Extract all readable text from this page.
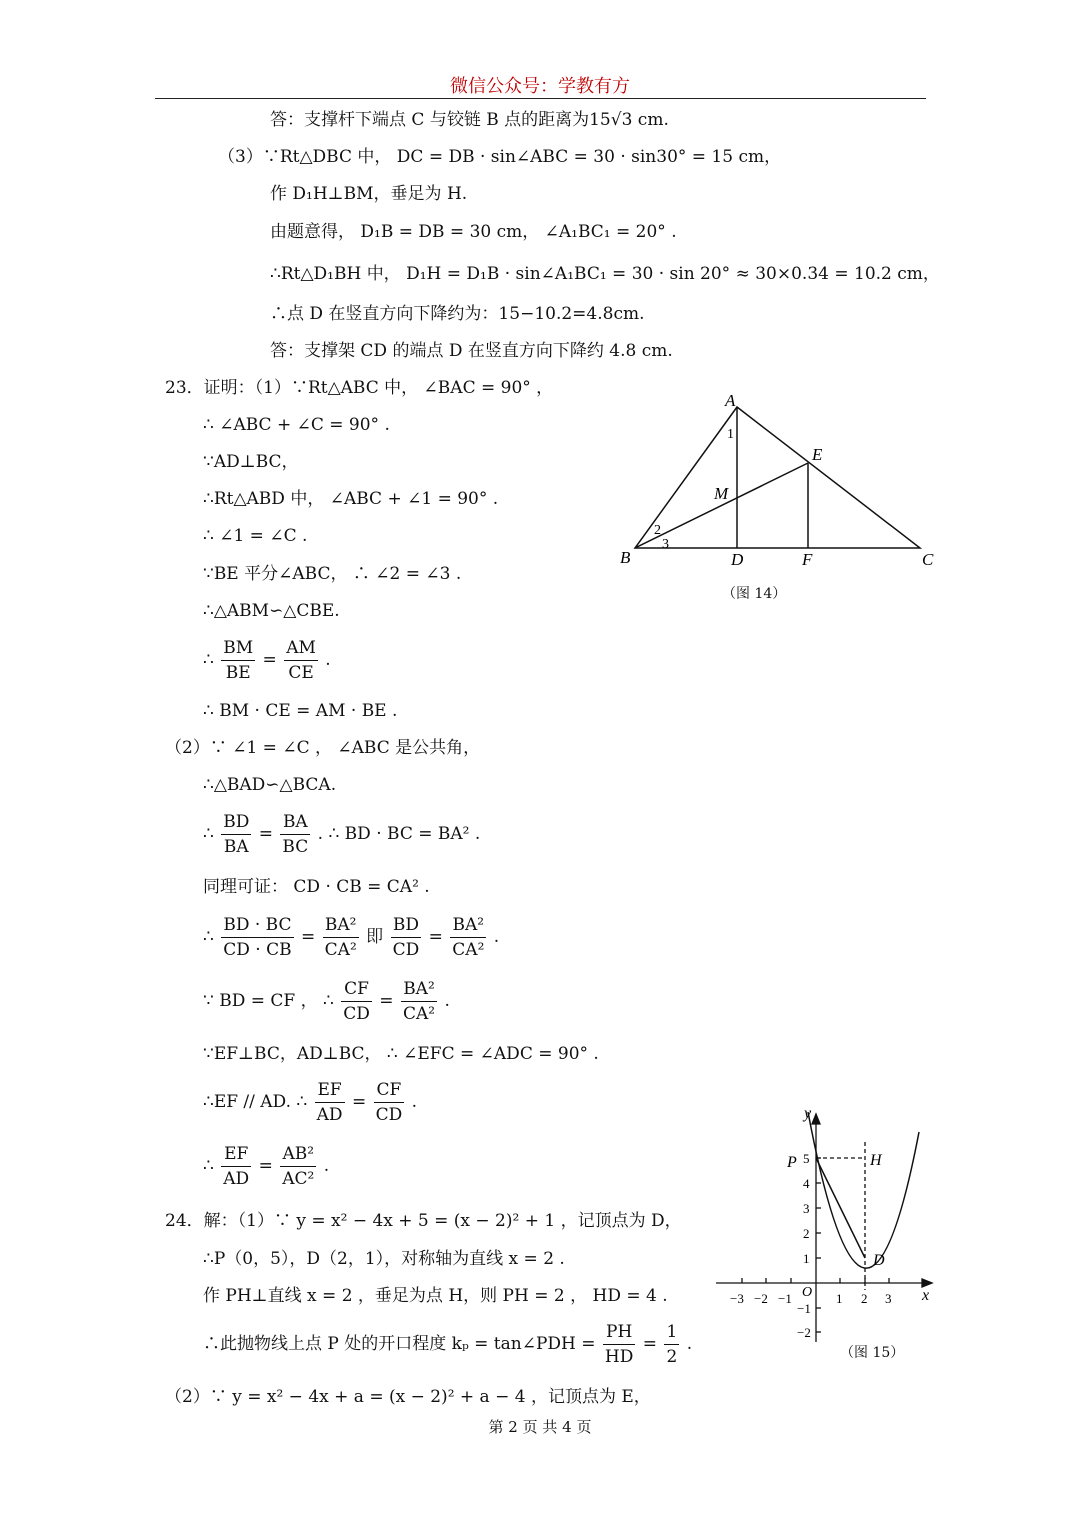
微信公众号：学教有方
答：支撑杆下端点 C 与铰链 B 点的距离为15√3 cm.
（3）∵Rt△DBC 中， DC = DB · sin∠ABC = 30 · sin30° = 15 cm，
作 D₁H⊥BM，垂足为 H.
由题意得， D₁B = DB = 30 cm， ∠A₁BC₁ = 20° .
∴Rt△D₁BH 中， D₁H = D₁B · sin∠A₁BC₁ = 30 · sin 20° ≈ 30×0.34 = 10.2 cm，
∴点 D 在竖直方向下降约为：15−10.2=4.8cm.
答：支撑架 CD 的端点 D 在竖直方向下降约 4.8 cm.
23．证明：（1）∵Rt△ABC 中， ∠BAC = 90° ，
∴ ∠ABC + ∠C = 90° .
∵AD⊥BC，
∴Rt△ABD 中， ∠ABC + ∠1 = 90° .
∴ ∠1 = ∠C .
∵BE 平分∠ABC， ∴ ∠2 = ∠3 .
∴△ABM∽△CBE.
∴ $\frac{BM}{BE} = \frac{AM}{CE}$ .
∴ BM · CE = AM · BE .
（2）∵ ∠1 = ∠C ， ∠ABC 是公共角，
∴△BAD∽△BCA.
∴ $\frac{BD}{BA} = \frac{BA}{BC}$ . ∴ BD · BC = BA² .
同理可证： CD · CB = CA² .
∴ $\frac{BD \cdot BC}{CD \cdot CB} = \frac{\text{BA²}}{\text{CA²}}$ 即 $\frac{BD}{CD} = \frac{\text{BA²}}{\text{CA²}}$ .
∵ BD = CF ， ∴ $\frac{CF}{CD} = \frac{\text{BA²}}{\text{CA²}}$ .
∵EF⊥BC，AD⊥BC， ∴ ∠EFC = ∠ADC = 90° .
∴EF // AD. ∴ $\frac{EF}{AD} = \frac{CF}{CD}$ .
∴ $\frac{EF}{AD} = \frac{\text{AB²}}{\text{AC²}}$ .
24．解：（1）∵ y = x² − 4x + 5 = (x − 2)² + 1 ，记顶点为 D，
∴P（0，5），D（2，1），对称轴为直线 x = 2 .
作 PH⊥直线 x = 2 ，垂足为点 H，则 PH = 2 ， HD = 4 .
∴此抛物线上点 P 处的开口程度 kₚ = tan∠PDH = $\frac{PH}{HD} = \frac{1}{2}$ .
（2）∵ y = x² − 4x + a = (x − 2)² + a − 4 ，记顶点为 E，
A
B	C
D
E
F
M
1
2
3
（图 14）
x
y
O
P	H
D
−3 −2 −1	1 2 3
5
4
3
2
1
−1
−2
（图 15）
第 2 页 共 4 页
